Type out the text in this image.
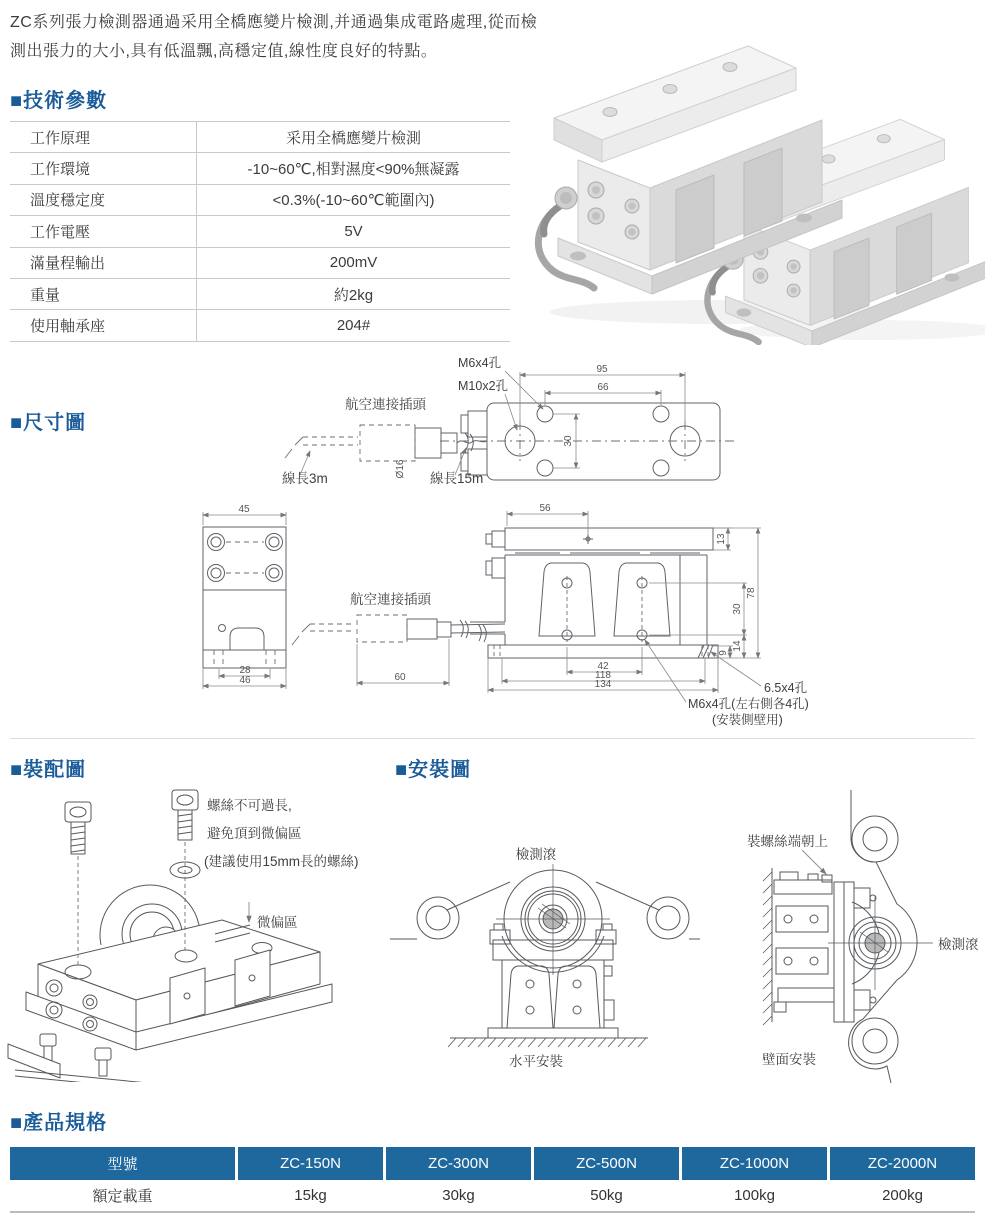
ZC系列張力檢測器通過采用全橋應變片檢測,并通過集成電路處理,從而檢測出張力的大小,具有低溫飄,高穩定值,線性度良好的特點。
■技術參數
工作原理	采用全橋應變片檢測
工作環境	-10~60℃,相對濕度<90%無凝露
溫度穩定度	<0.3%(-10~60℃範圍內)
工作電壓	5V
滿量程輸出	200mV
重量	約2kg
使用軸承座	204#
■尺寸圖
95
66
30
M6x4孔
M10x2孔
航空連接插頭
線長3m
Ø16
線長15m
45
28
46
航空連接插頭
60
56
13
78
30
14
9
42
118
134	6.5x4孔
M6x4孔(左右側各4孔)
(安裝側壁用)
■裝配圖
螺絲不可過長,
避免頂到微偏區
(建議使用15mm長的螺絲)
微偏區
■安裝圖
檢測滾
水平安裝
裝螺絲端朝上
檢測滾
壁面安裝
■產品規格
型號	ZC-150N	ZC-300N	ZC-500N	ZC-1000N	ZC-2000N
額定載重	15kg	30kg	50kg	100kg	200kg
